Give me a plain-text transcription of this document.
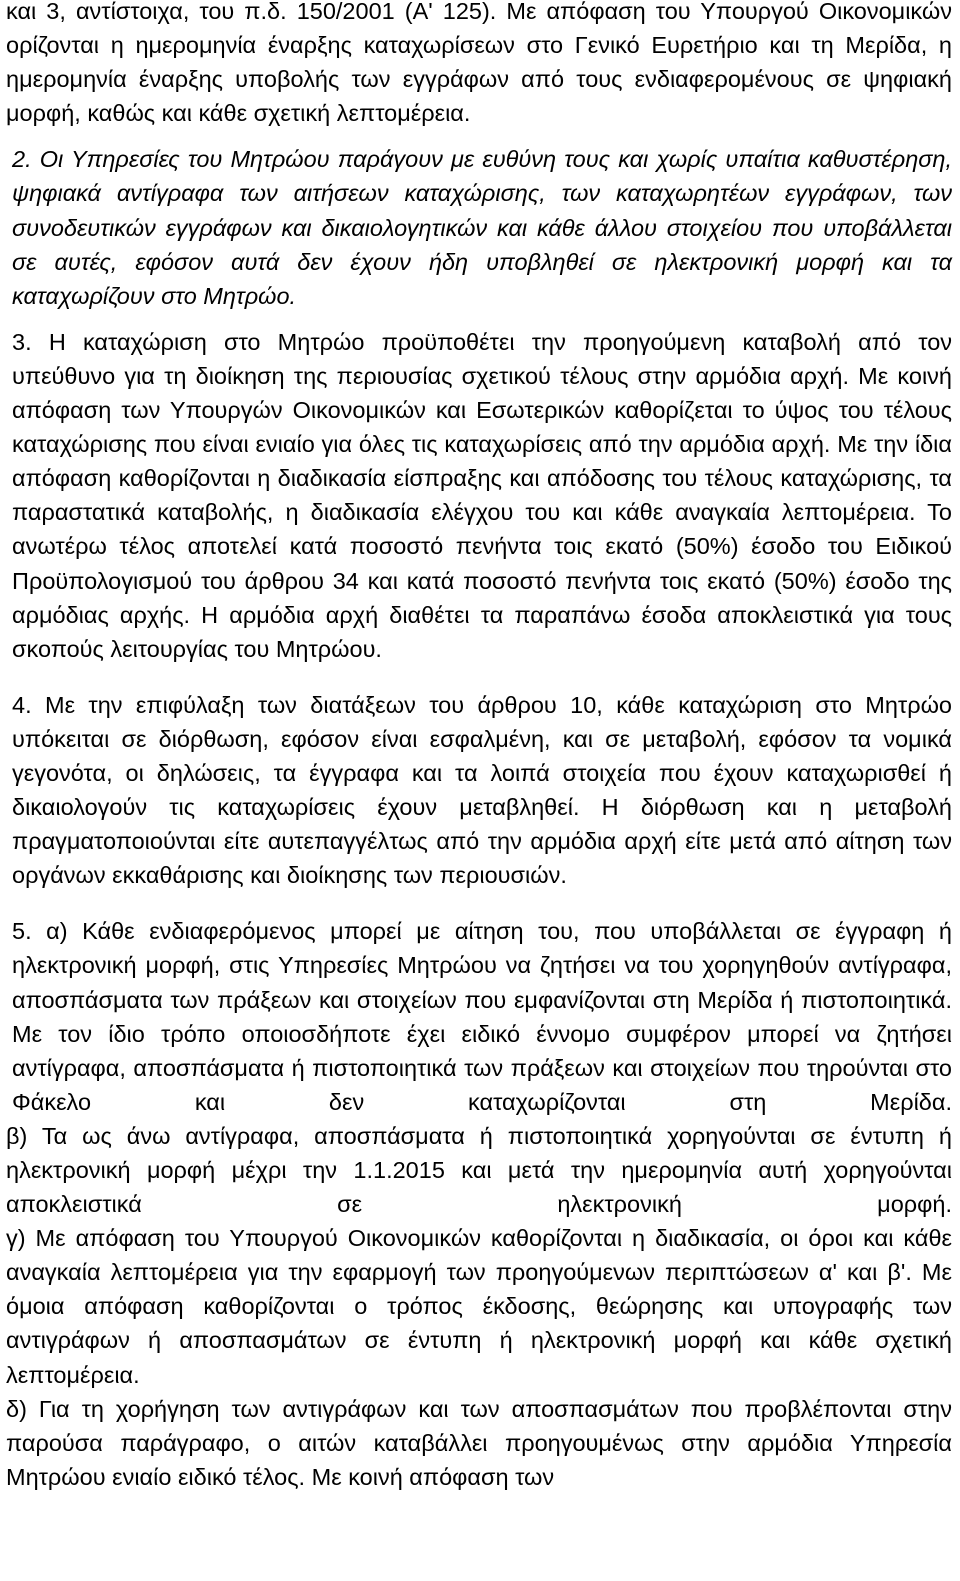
και 3, αντίστοιχα, του π.δ. 150/2001 (Α' 125). Με απόφαση του Υπουργού Οικονομικών ορίζονται η ημερομηνία έναρξης καταχωρίσεων στο Γενικό Ευρετήριο και τη Μερίδα, η ημερομηνία έναρξης υποβολής των εγγράφων από τους ενδιαφερομένους σε ψηφιακή μορφή, καθώς και κάθε σχετική λεπτομέρεια.

2. Οι Υπηρεσίες του Μητρώου παράγουν με ευθύνη τους και χωρίς υπαίτια καθυστέρηση, ψηφιακά αντίγραφα των αιτήσεων καταχώρισης, των καταχωρητέων εγγράφων, των συνοδευτικών εγγράφων και δικαιολογητικών και κάθε άλλου στοιχείου που υποβάλλεται σε αυτές, εφόσον αυτά δεν έχουν ήδη υποβληθεί σε ηλεκτρονική μορφή και τα καταχωρίζουν στο Μητρώο.

3. Η καταχώριση στο Μητρώο προϋποθέτει την προηγούμενη καταβολή από τον υπεύθυνο για τη διοίκηση της περιουσίας σχετικού τέλους στην αρμόδια αρχή. Με κοινή απόφαση των Υπουργών Οικονομικών και Εσωτερικών καθορίζεται το ύψος του τέλους καταχώρισης που είναι ενιαίο για όλες τις καταχωρίσεις από την αρμόδια αρχή. Με την ίδια απόφαση καθορίζονται η διαδικασία είσπραξης και απόδοσης του τέλους καταχώρισης, τα παραστατικά καταβολής, η διαδικασία ελέγχου του και κάθε αναγκαία λεπτομέρεια. Το ανωτέρω τέλος αποτελεί κατά ποσοστό πενήντα τοις εκατό (50%) έσοδο του Ειδικού Προϋπολογισμού του άρθρου 34 και κατά ποσοστό πενήντα τοις εκατό (50%) έσοδο της αρμόδιας αρχής. Η αρμόδια αρχή διαθέτει τα παραπάνω έσοδα αποκλειστικά για τους σκοπούς λειτουργίας του Μητρώου.

4. Με την επιφύλαξη των διατάξεων του άρθρου 10, κάθε καταχώριση στο Μητρώο υπόκειται σε διόρθωση, εφόσον είναι εσφαλμένη, και σε μεταβολή, εφόσον τα νομικά γεγονότα, οι δηλώσεις, τα έγγραφα και τα λοιπά στοιχεία που έχουν καταχωρισθεί ή δικαιολογούν τις καταχωρίσεις έχουν μεταβληθεί. Η διόρθωση και η μεταβολή πραγματοποιούνται είτε αυτεπαγγέλτως από την αρμόδια αρχή είτε μετά από αίτηση των οργάνων εκκαθάρισης και διοίκησης των περιουσιών.

5. α) Κάθε ενδιαφερόμενος μπορεί με αίτηση του, που υποβάλλεται σε έγγραφη ή ηλεκτρονική μορφή, στις Υπηρεσίες Μητρώου να ζητήσει να του χορηγηθούν αντίγραφα, αποσπάσματα των πράξεων και στοιχείων που εμφανίζονται στη Μερίδα ή πιστοποιητικά. Με τον ίδιο τρόπο οποιοσδήποτε έχει ειδικό έννομο συμφέρον μπορεί να ζητήσει αντίγραφα, αποσπάσματα ή πιστοποιητικά των πράξεων και στοιχείων που τηρούνται στο Φάκελο και δεν καταχωρίζονται στη Μερίδα.

β) Τα ως άνω αντίγραφα, αποσπάσματα ή πιστοποιητικά χορηγούνται σε έντυπη ή ηλεκτρονική μορφή μέχρι την 1.1.2015 και μετά την ημερομηνία αυτή χορηγούνται αποκλειστικά σε ηλεκτρονική μορφή.

γ) Με απόφαση του Υπουργού Οικονομικών καθορίζονται η διαδικασία, οι όροι και κάθε αναγκαία λεπτομέρεια για την εφαρμογή των προηγούμενων περιπτώσεων α' και β'. Με όμοια απόφαση καθορίζονται ο τρόπος έκδοσης, θεώρησης και υπογραφής των αντιγράφων ή αποσπασμάτων σε έντυπη ή ηλεκτρονική μορφή και κάθε σχετική λεπτομέρεια.

δ) Για τη χορήγηση των αντιγράφων και των αποσπασμάτων που προβλέπονται στην παρούσα παράγραφο, ο αιτών καταβάλλει προηγουμένως στην αρμόδια Υπηρεσία Μητρώου ενιαίο ειδικό τέλος. Με κοινή απόφαση των
